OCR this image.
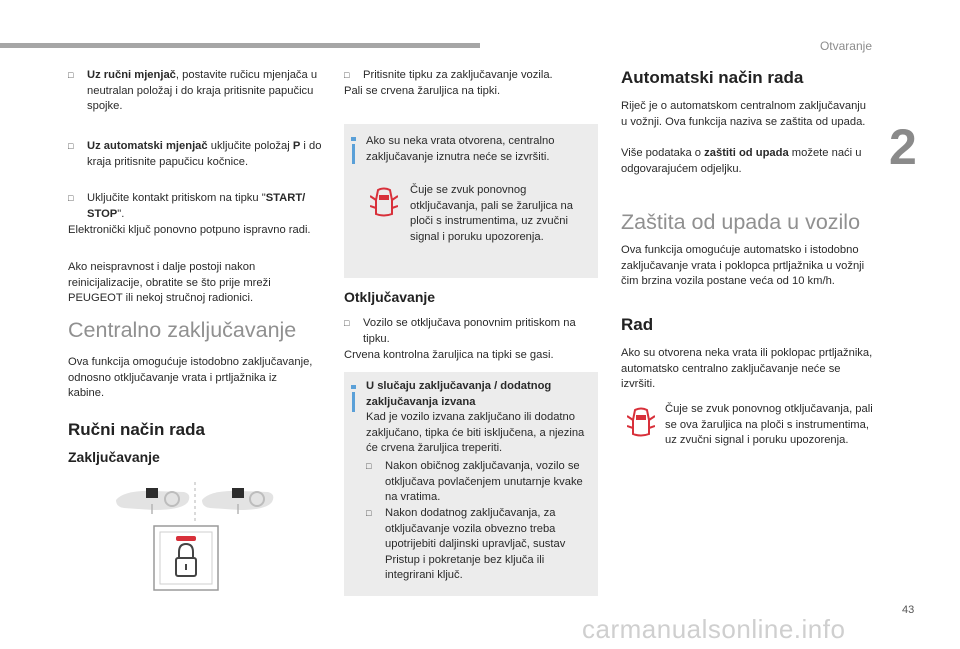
Otvaranje
2
□ Uz ručni mjenjač, postavite ručicu mjenjača u neutralan položaj i do kraja pritisnite papučicu spojke.
□ Uz automatski mjenjač uključite položaj P i do kraja pritisnite papučicu kočnice.
□ Uključite kontakt pritiskom na tipku "START/ STOP".
Elektronički ključ ponovno potpuno ispravno radi.
Ako neispravnost i dalje postoji nakon reinicijalizacije, obratite se što prije mreži PEUGEOT ili nekoj stručnoj radionici.
Centralno zaključavanje
Ova funkcija omogućuje istodobno zaključavanje, odnosno otključavanje vrata i prtljažnika iz kabine.
Ručni način rada
Zaključavanje
□ Pritisnite tipku za zaključavanje vozila.
Pali se crvena žaruljica na tipki.
Ako su neka vrata otvorena, centralno zaključavanje iznutra neće se izvršiti.
Čuje se zvuk ponovnog otključavanja, pali se žaruljica na ploči s instrumentima, uz zvučni signal i poruku upozorenja.
Otključavanje
□ Vozilo se otključava ponovnim pritiskom na tipku.
Crvena kontrolna žaruljica na tipki se gasi.
U slučaju zaključavanja / dodatnog zaključavanja izvana
Kad je vozilo izvana zaključano ili dodatno zaključano, tipka će biti isključena, a njezina će crvena žaruljica treperiti.
□ Nakon običnog zaključavanja, vozilo se otključava povlačenjem unutarnje kvake na vratima.
□ Nakon dodatnog zaključavanja, za otključavanje vozila obvezno treba upotrijebiti daljinski upravljač, sustav Pristup i pokretanje bez ključa ili integrirani ključ.
Automatski način rada
Riječ je o automatskom centralnom zaključavanju u vožnji. Ova funkcija naziva se zaštita od upada.
Više podataka o zaštiti od upada možete naći u odgovarajućem odjeljku.
Zaštita od upada u vozilo
Ova funkcija omogućuje automatsko i istodobno zaključavanje vrata i poklopca prtljažnika u vožnji čim brzina vozila postane veća od 10 km/h.
Rad
Ako su otvorena neka vrata ili poklopac prtljažnika, automatsko centralno zaključavanje neće se izvršiti.
Čuje se zvuk ponovnog otključavanja, pali se ova žaruljica na ploči s instrumentima, uz zvučni signal i poruku upozorenja.
43
carmanualsonline.info
